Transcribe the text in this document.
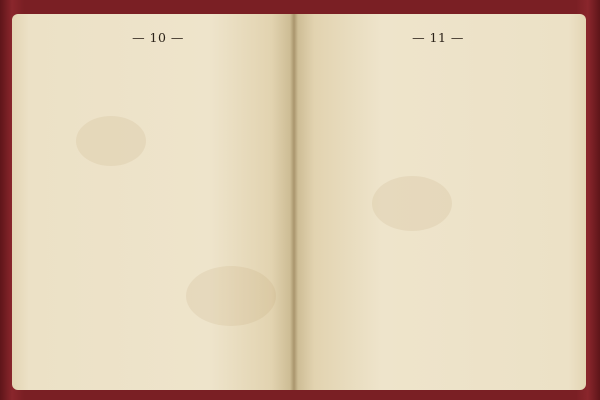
— 10 —	— 11 —
